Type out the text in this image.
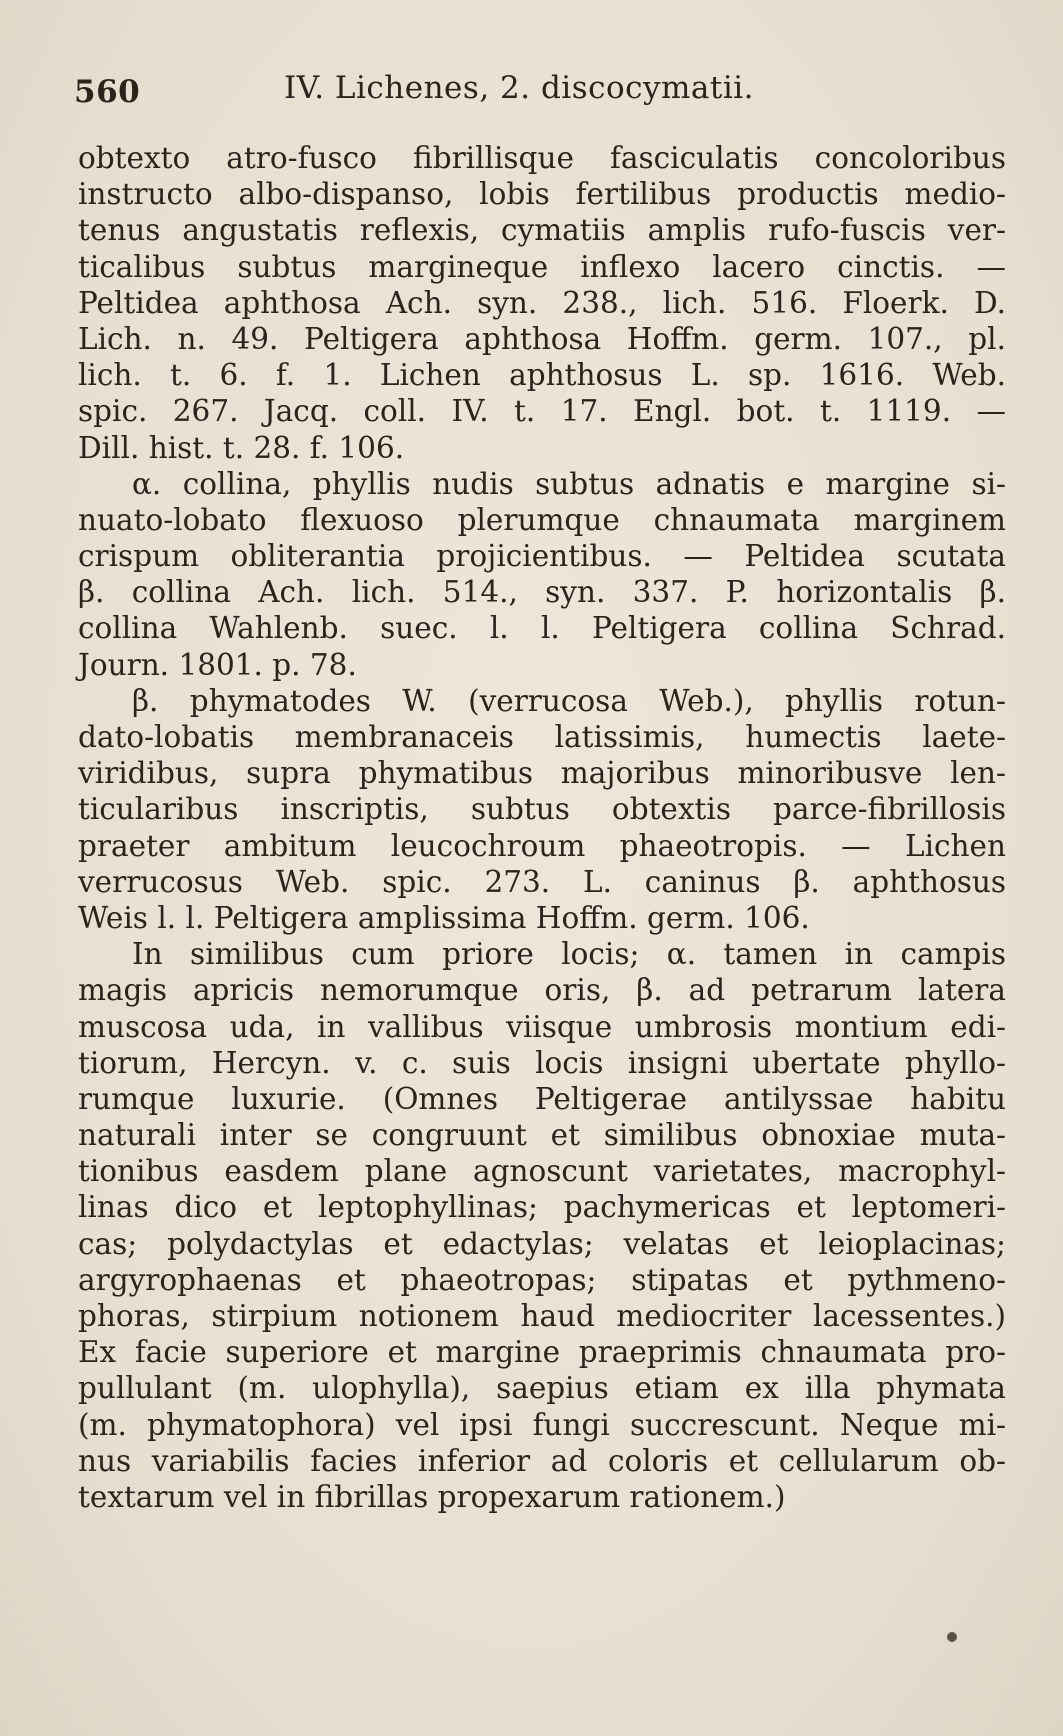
560	IV. Lichenes, 2. discocymatii.
obtexto atro-fusco fibrillisque fasciculatis concoloribus
instructo albo-dispanso, lobis fertilibus productis medio-
tenus angustatis reflexis, cymatiis amplis rufo-fuscis ver-
ticalibus subtus margineque inflexo lacero cinctis. —
Peltidea aphthosa Ach. syn. 238., lich. 516. Floerk. D.
Lich. n. 49. Peltigera aphthosa Hoffm. germ. 107., pl.
lich. t. 6. f. 1. Lichen aphthosus L. sp. 1616. Web.
spic. 267. Jacq. coll. IV. t. 17. Engl. bot. t. 1119. —
Dill. hist. t. 28. f. 106.
α. collina, phyllis nudis subtus adnatis e margine si-
nuato-lobato flexuoso plerumque chnaumata marginem
crispum obliterantia projicientibus. — Peltidea scutata
β. collina Ach. lich. 514., syn. 337. P. horizontalis β.
collina Wahlenb. suec. l. l. Peltigera collina Schrad.
Journ. 1801. p. 78.
β. phymatodes W. (verrucosa Web.), phyllis rotun-
dato-lobatis membranaceis latissimis, humectis laete-
viridibus, supra phymatibus majoribus minoribusve len-
ticularibus inscriptis, subtus obtextis parce-fibrillosis
praeter ambitum leucochroum phaeotropis. — Lichen
verrucosus Web. spic. 273. L. caninus β. aphthosus
Weis l. l. Peltigera amplissima Hoffm. germ. 106.
In similibus cum priore locis; α. tamen in campis
magis apricis nemorumque oris, β. ad petrarum latera
muscosa uda, in vallibus viisque umbrosis montium edi-
tiorum, Hercyn. v. c. suis locis insigni ubertate phyllo-
rumque luxurie. (Omnes Peltigerae antilyssae habitu
naturali inter se congruunt et similibus obnoxiae muta-
tionibus easdem plane agnoscunt varietates, macrophyl-
linas dico et leptophyllinas; pachymericas et leptomeri-
cas; polydactylas et edactylas; velatas et leioplacinas;
argyrophaenas et phaeotropas; stipatas et pythmeno-
phoras, stirpium notionem haud mediocriter lacessentes.)
Ex facie superiore et margine praeprimis chnaumata pro-
pullulant (m. ulophylla), saepius etiam ex illa phymata
(m. phymatophora) vel ipsi fungi succrescunt. Neque mi-
nus variabilis facies inferior ad coloris et cellularum ob-
textarum vel in fibrillas propexarum rationem.)
